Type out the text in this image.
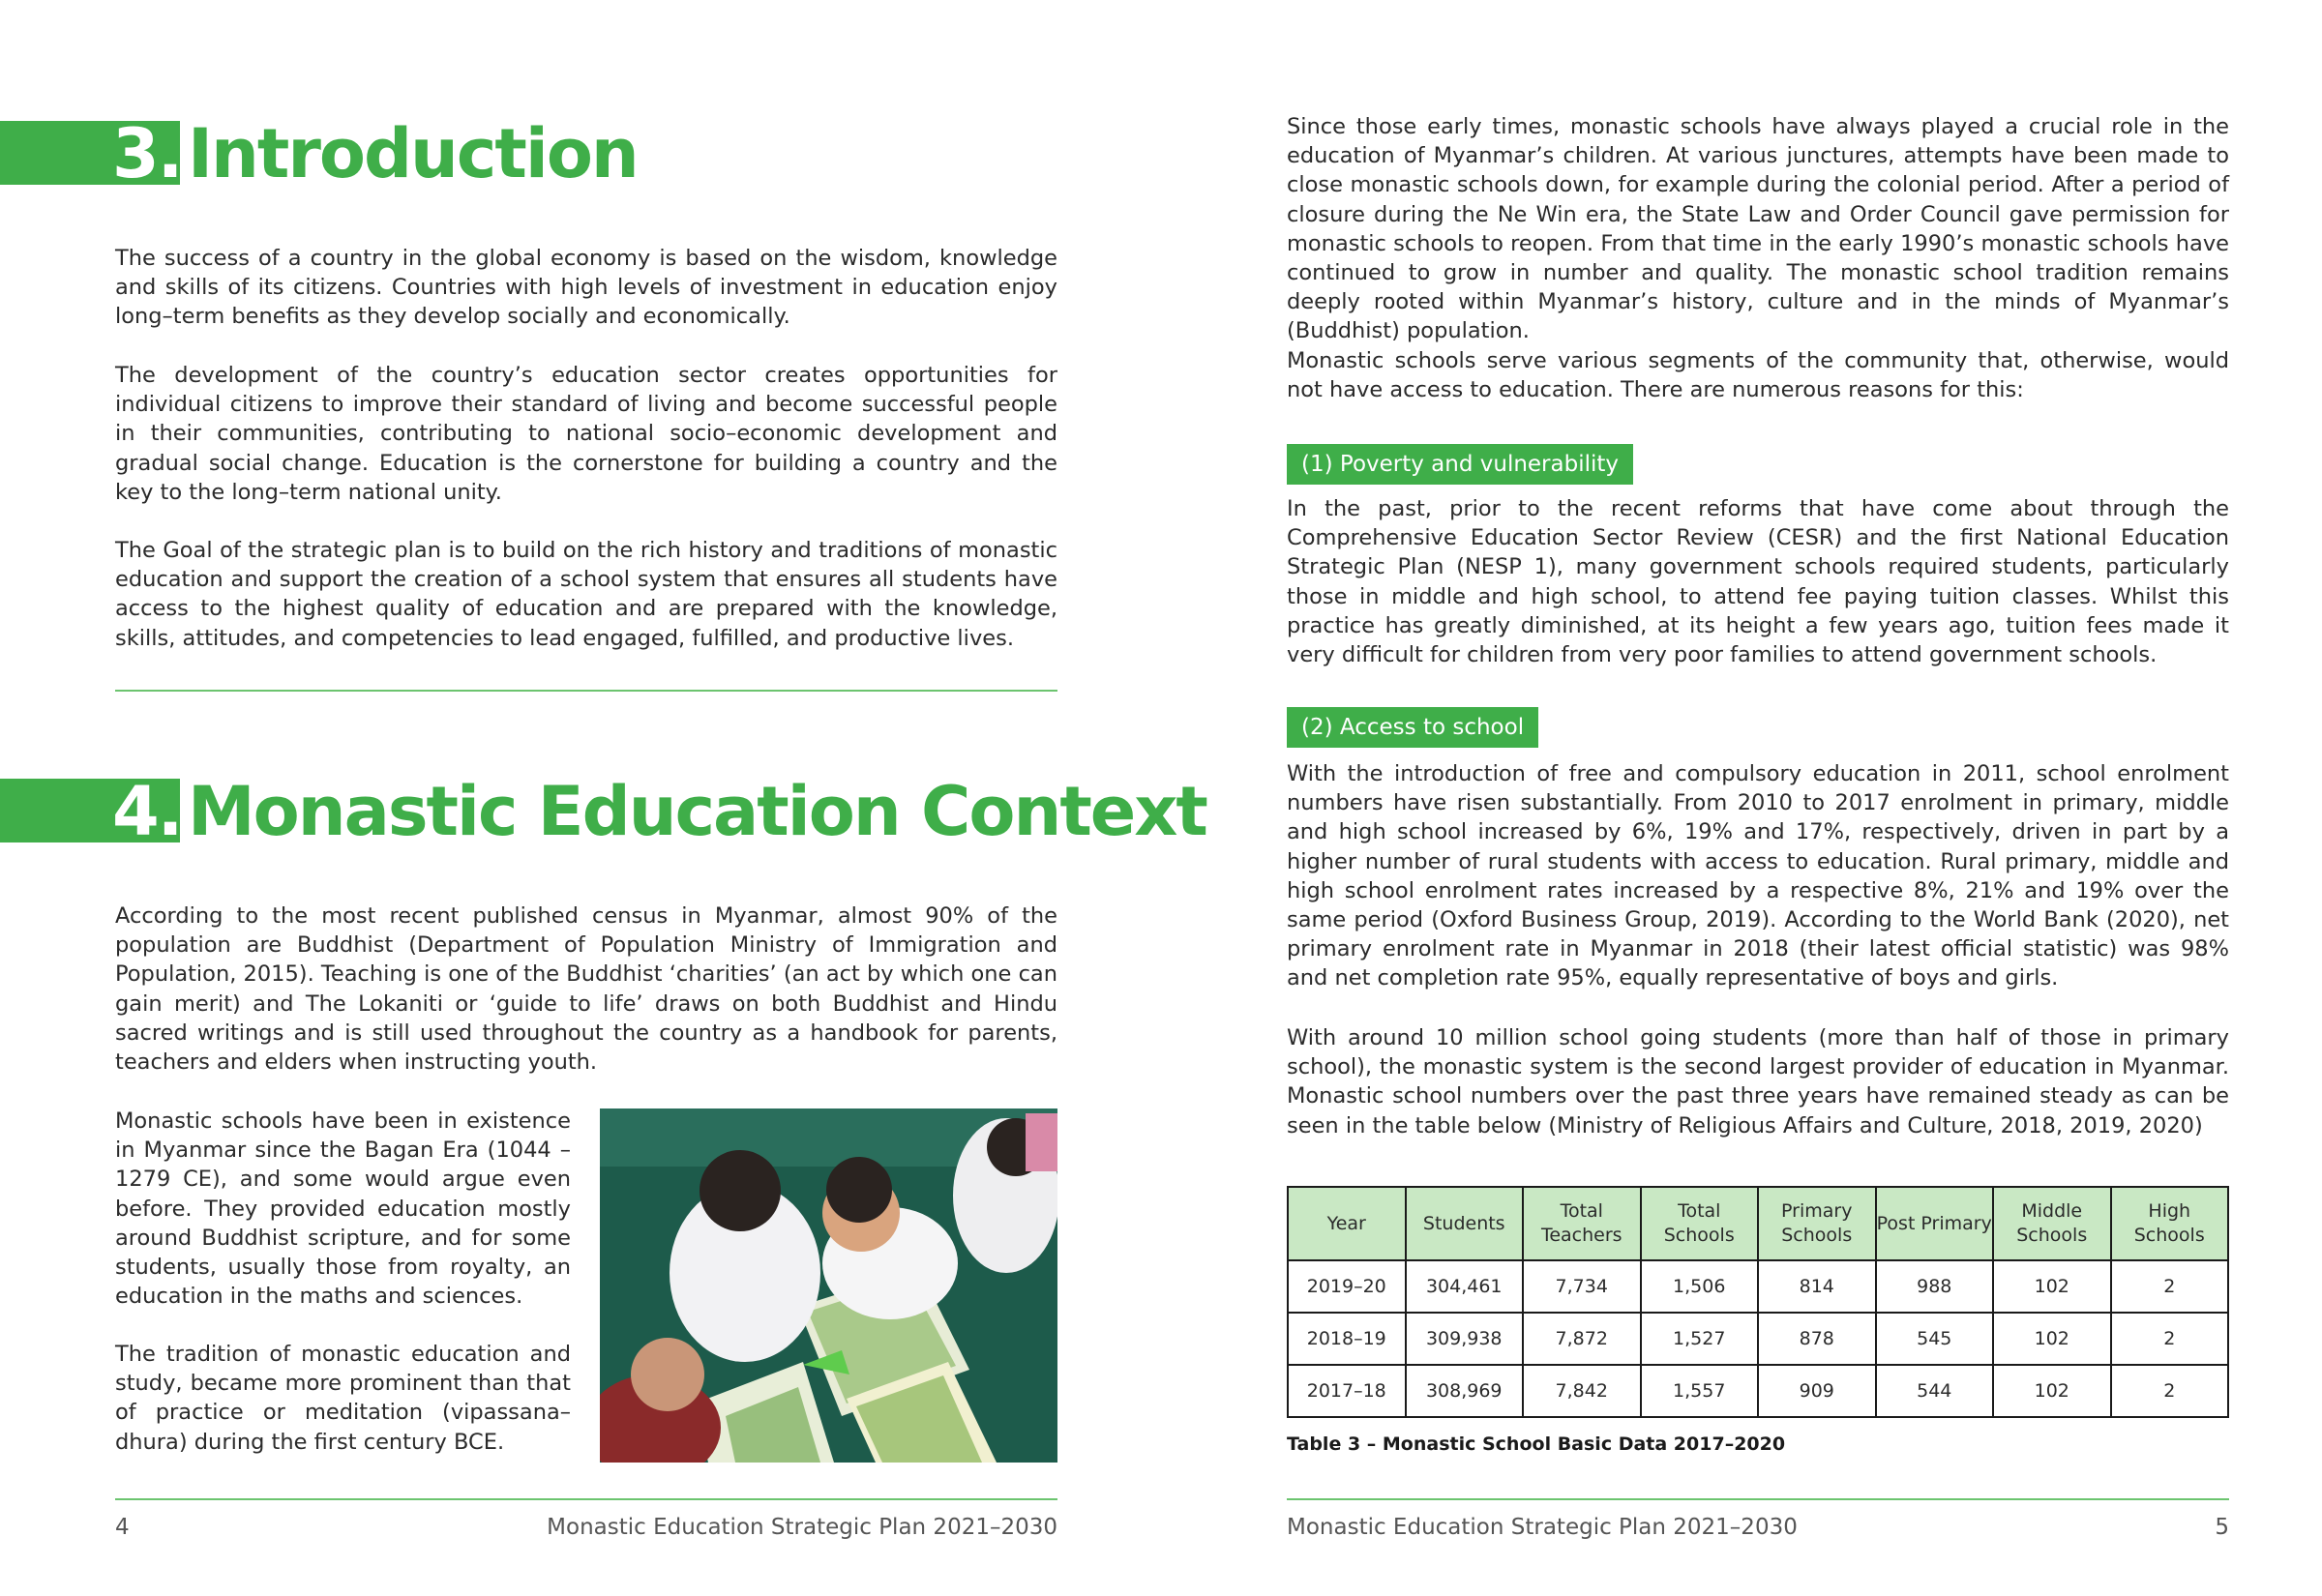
3. Introduction

The success of a country in the global economy is based on the wisdom, knowledge and skills of its citizens. Countries with high levels of investment in education enjoy long–term benefits as they develop socially and economically.

The development of the country’s education sector creates opportunities for individual citizens to improve their standard of living and become successful people in their communities, contributing to national socio–economic development and gradual social change. Education is the cornerstone for building a country and the key to the long–term national unity.

The Goal of the strategic plan is to build on the rich history and traditions of monastic education and support the creation of a school system that ensures all students have access to the highest quality of education and are prepared with the knowledge, skills, attitudes, and competencies to lead engaged, fulfilled, and productive lives.

4. Monastic Education Context

According to the most recent published census in Myanmar, almost 90% of the population are Buddhist (Department of Population Ministry of Immigration and Population, 2015). Teaching is one of the Buddhist ‘charities’ (an act by which one can gain merit) and The Lokaniti or ‘guide to life’ draws on both Buddhist and Hindu sacred writings and is still used throughout the country as a handbook for parents, teachers and elders when instructing youth.

Monastic schools have been in existence in Myanmar since the Bagan Era (1044 – 1279 CE), and some would argue even before. They provided education mostly around Buddhist scripture, and for some students, usually those from royalty, an education in the maths and sciences.

The tradition of monastic education and study, became more prominent than that of practice or meditation (vipassana–dhura) during the first century BCE.

4	Monastic Education Strategic Plan 2021–2030

Since those early times, monastic schools have always played a crucial role in the education of Myanmar’s children. At various junctures, attempts have been made to close monastic schools down, for example during the colonial period. After a period of closure during the Ne Win era, the State Law and Order Council gave permission for monastic schools to reopen. From that time in the early 1990’s monastic schools have continued to grow in number and quality. The monastic school tradition remains deeply rooted within Myanmar’s history, culture and in the minds of Myanmar’s (Buddhist) population.

Monastic schools serve various segments of the community that, otherwise, would not have access to education. There are numerous reasons for this:

(1) Poverty and vulnerability

In the past, prior to the recent reforms that have come about through the Comprehensive Education Sector Review (CESR) and the first National Education Strategic Plan (NESP 1), many government schools required students, particularly those in middle and high school, to attend fee paying tuition classes. Whilst this practice has greatly diminished, at its height a few years ago, tuition fees made it very difficult for children from very poor families to attend government schools.

(2) Access to school

With the introduction of free and compulsory education in 2011, school enrolment numbers have risen substantially. From 2010 to 2017 enrolment in primary, middle and high school increased by 6%, 19% and 17%, respectively, driven in part by a higher number of rural students with access to education. Rural primary, middle and high school enrolment rates increased by a respective 8%, 21% and 19% over the same period (Oxford Business Group, 2019). According to the World Bank (2020), net primary enrolment rate in Myanmar in 2018 (their latest official statistic) was 98% and net completion rate 95%, equally representative of boys and girls.

With around 10 million school going students (more than half of those in primary school), the monastic system is the second largest provider of education in Myanmar. Monastic school numbers over the past three years have remained steady as can be seen in the table below (Ministry of Religious Affairs and Culture, 2018, 2019, 2020)

Year	Students	Total Teachers	Total Schools	Primary Schools	Post Primary	Middle Schools	High Schools
2019–20	304,461	7,734	1,506	814	988	102	2
2018–19	309,938	7,872	1,527	878	545	102	2
2017–18	308,969	7,842	1,557	909	544	102	2
Table 3 – Monastic School Basic Data 2017–2020
Monastic Education Strategic Plan 2021–2030	5
